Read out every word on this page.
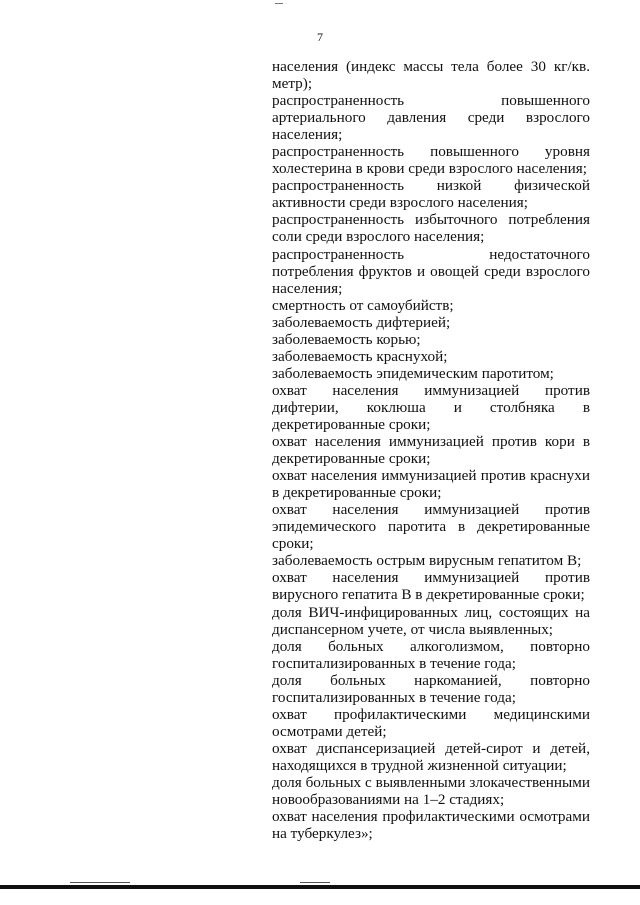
7

населения (индекс массы тела более 30 кг/кв. метр);

распространенность повышенного артериального давления среди взрослого населения;

распространенность повышенного уровня холестерина в крови среди взрослого населения;

распространенность низкой физической активности среди взрослого населения;

распространенность избыточного потребления соли среди взрослого населения;

распространенность недостаточного потребления фруктов и овощей среди взрослого населения;

смертность от самоубийств;

заболеваемость дифтерией;

заболеваемость корью;

заболеваемость краснухой;

заболеваемость эпидемическим паротитом;

охват населения иммунизацией против дифтерии, коклюша и столбняка в декретированные сроки;

охват населения иммунизацией против кори в декретированные сроки;

охват населения иммунизацией против краснухи в декретированные сроки;

охват населения иммунизацией против эпидемического паротита в декретированные сроки;

заболеваемость острым вирусным гепатитом В;

охват населения иммунизацией против вирусного гепатита В в декретированные сроки;

доля ВИЧ-инфицированных лиц, состоящих на диспансерном учете, от числа выявленных;

доля больных алкоголизмом, повторно госпитализированных в течение года;

доля больных наркоманией, повторно госпитализированных в течение года;

охват профилактическими медицинскими осмотрами детей;

охват диспансеризацией детей-сирот и детей, находящихся в трудной жизненной ситуации;

доля больных с выявленными злокачественными новообразованиями на 1–2 стадиях;

охват населения профилактическими осмотрами на туберкулез»;
